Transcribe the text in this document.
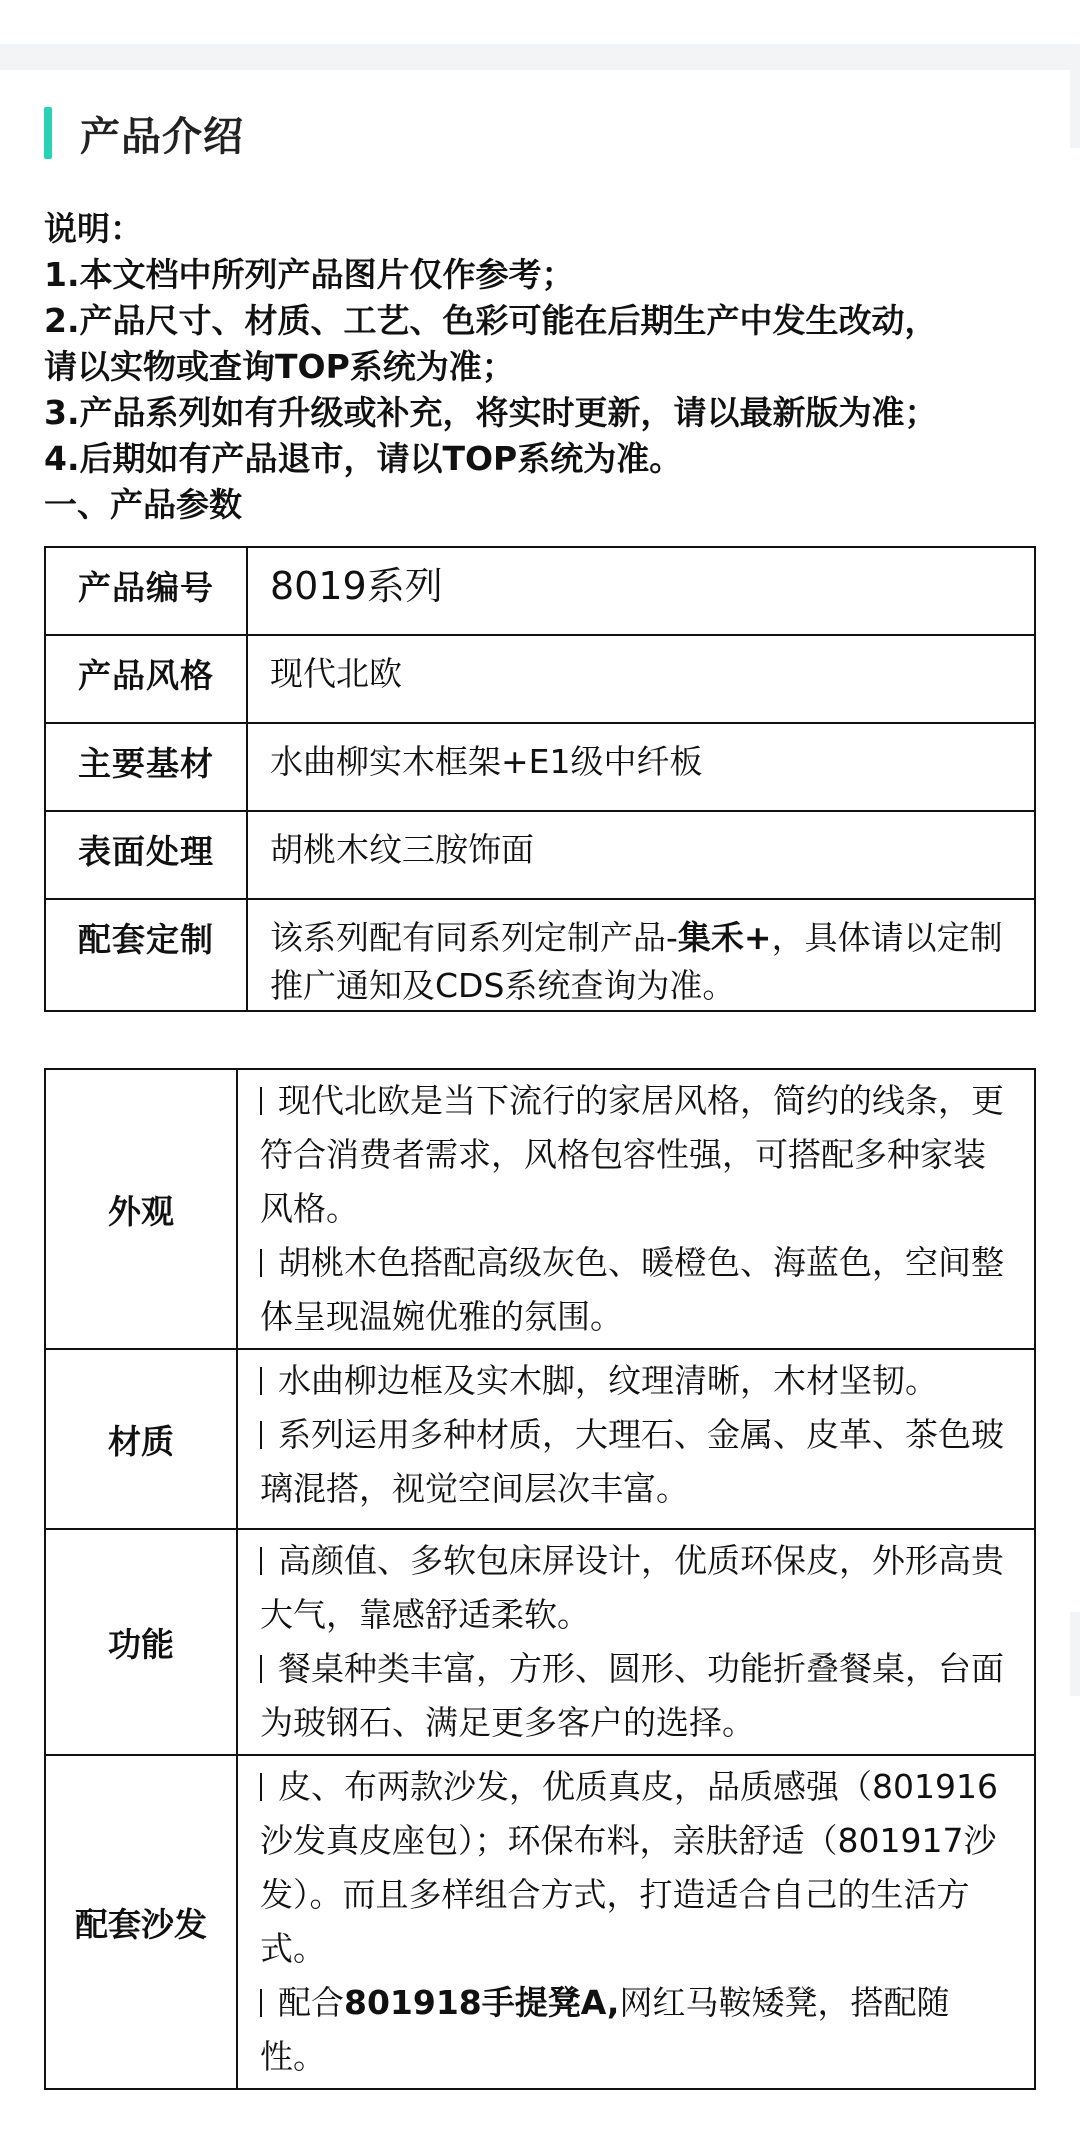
产品介绍
说明：
1.本文档中所列产品图片仅作参考；
2.产品尺寸、材质、工艺、色彩可能在后期生产中发生改动，
请以实物或查询TOP系统为准；
3.产品系列如有升级或补充，将实时更新，请以最新版为准；
4.后期如有产品退市，请以TOP系统为准。
一、产品参数
产品编号	8019系列
产品风格	现代北欧
主要基材	水曲柳实木框架+E1级中纤板
表面处理	胡桃木纹三胺饰面
配套定制	该系列配有同系列定制产品-集禾+，具体请以定制推广通知及CDS系统查询为准。
外观	现代北欧是当下流行的家居风格，简约的线条，更符合消费者需求，风格包容性强，可搭配多种家装风格。
胡桃木色搭配高级灰色、暖橙色、海蓝色，空间整体呈现温婉优雅的氛围。

材质	水曲柳边框及实木脚，纹理清晰，木材坚韧。
系列运用多种材质，大理石、金属、皮革、茶色玻璃混搭，视觉空间层次丰富。

功能	高颜值、多软包床屏设计，优质环保皮，外形高贵大气，靠感舒适柔软。
餐桌种类丰富，方形、圆形、功能折叠餐桌，台面为玻钢石、满足更多客户的选择。

配套沙发	皮、布两款沙发，优质真皮，品质感强（801916沙发真皮座包）；环保布料，亲肤舒适（801917沙发）。而且多样组合方式，打造适合自己的生活方式。
配合801918手提凳A,网红马鞍矮凳，搭配随性。
